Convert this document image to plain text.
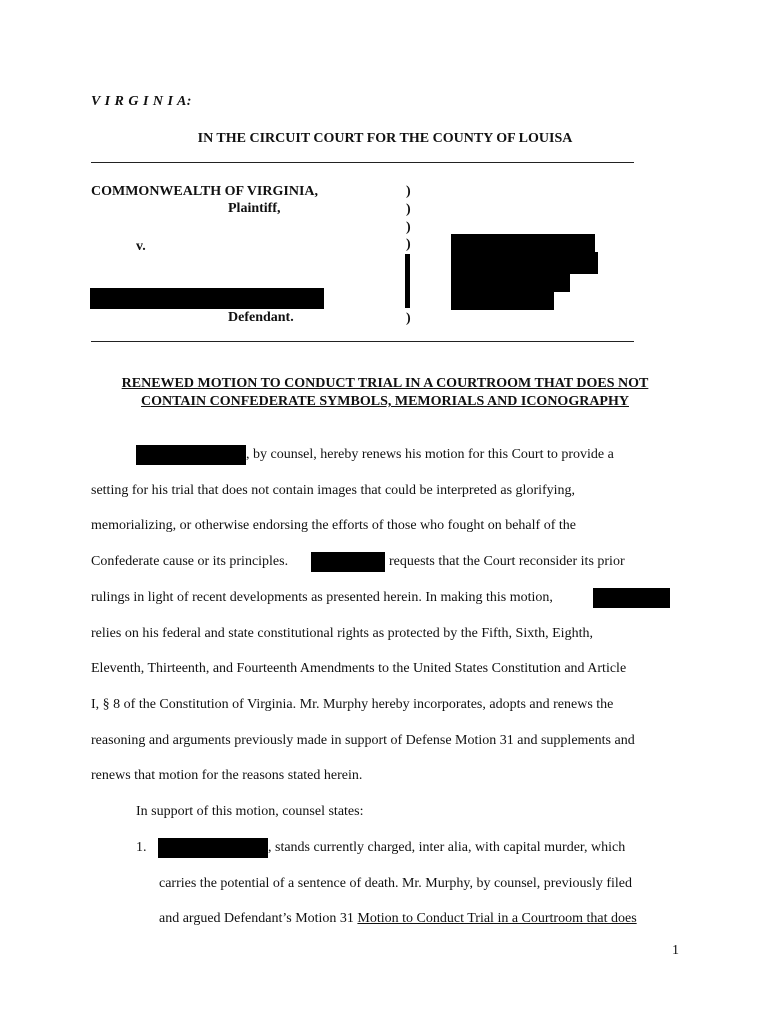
V I R G I N I A:
IN THE CIRCUIT COURT FOR THE COUNTY OF LOUISA
COMMONWEALTH OF VIRGINIA,
Plaintiff,
v.
Defendant.
)
)
)
)
)
RENEWED MOTION TO CONDUCT TRIAL IN A COURTROOM THAT DOES NOT
CONTAIN CONFEDERATE SYMBOLS, MEMORIALS AND ICONOGRAPHY
, by counsel, hereby renews his motion for this Court to provide a
setting for his trial that does not contain images that could be interpreted as glorifying,
memorializing, or otherwise endorsing the efforts of those who fought on behalf of the
Confederate cause or its principles.	requests that the Court reconsider its prior
rulings in light of recent developments as presented herein. In making this motion,
relies on his federal and state constitutional rights as protected by the Fifth, Sixth, Eighth,
Eleventh, Thirteenth, and Fourteenth Amendments to the United States Constitution and Article
I, § 8 of the Constitution of Virginia. Mr. Murphy hereby incorporates, adopts and renews the
reasoning and arguments previously made in support of Defense Motion 31 and supplements and
renews that motion for the reasons stated herein.
In support of this motion, counsel states:
1.	, stands currently charged, inter alia, with capital murder, which
carries the potential of a sentence of death. Mr. Murphy, by counsel, previously filed
and argued Defendant’s Motion 31 Motion to Conduct Trial in a Courtroom that does
1
